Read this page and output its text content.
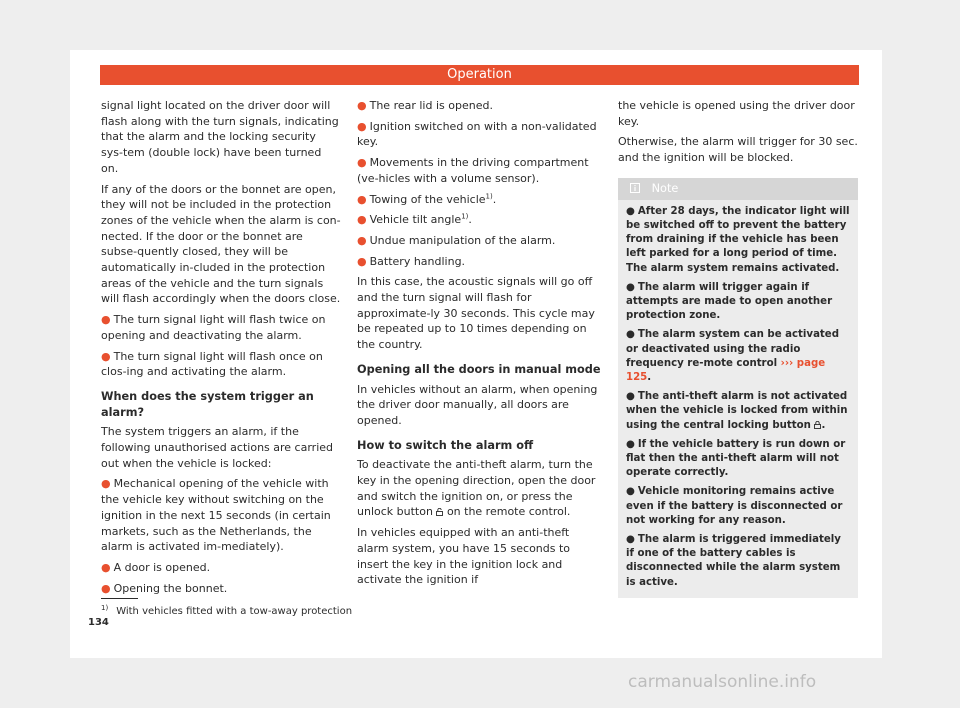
Operation

signal light located on the driver door will flash along with the turn signals, indicating that the alarm and the locking security sys-tem (double lock) have been turned on.

If any of the doors or the bonnet are open, they will not be included in the protection zones of the vehicle when the alarm is con-nected. If the door or the bonnet are subse-quently closed, they will be automatically in-cluded in the protection areas of the vehicle and the turn signals will flash accordingly when the doors close.

● The turn signal light will flash twice on opening and deactivating the alarm.

● The turn signal light will flash once on clos-ing and activating the alarm.

When does the system trigger an alarm?

The system triggers an alarm, if the following unauthorised actions are carried out when the vehicle is locked:

● Mechanical opening of the vehicle with the vehicle key without switching on the ignition in the next 15 seconds (in certain markets, such as the Netherlands, the alarm is activated im-mediately).

● A door is opened.

● Opening the bonnet.

● The rear lid is opened.

● Ignition switched on with a non-validated key.

● Movements in the driving compartment (ve-hicles with a volume sensor).

● Towing of the vehicle$^{1)}$.

● Vehicle tilt angle$^{1)}$.

● Undue manipulation of the alarm.

● Battery handling.

In this case, the acoustic signals will go off and the turn signal will flash for approximate-ly 30 seconds. This cycle may be repeated up to 10 times depending on the country.

Opening all the doors in manual mode

In vehicles without an alarm, when opening the driver door manually, all doors are opened.

How to switch the alarm off

To deactivate the anti-theft alarm, turn the key in the opening direction, open the door and switch the ignition on, or press the unlock button on the remote control.

In vehicles equipped with an anti-theft alarm system, you have 15 seconds to insert the key in the ignition lock and activate the ignition if

the vehicle is opened using the driver door key.

Otherwise, the alarm will trigger for 30 sec. and the ignition will be blocked.

Note
● After 28 days, the indicator light will be switched off to prevent the battery from draining if the vehicle has been left parked for a long period of time. The alarm system remains activated.
● The alarm will trigger again if attempts are made to open another protection zone.
● The alarm system can be activated or deactivated using the radio frequency re-mote control ››› page 125.
● The anti-theft alarm is not activated when the vehicle is locked from within using the central locking button .
● If the vehicle battery is run down or flat then the anti-theft alarm will not operate correctly.
● Vehicle monitoring remains active even if the battery is disconnected or not working for any reason.
● The alarm is triggered immediately if one of the battery cables is disconnected while the alarm system is active.
$^{1)}$ With vehicles fitted with a tow-away protection
134
carmanualsonline.info
